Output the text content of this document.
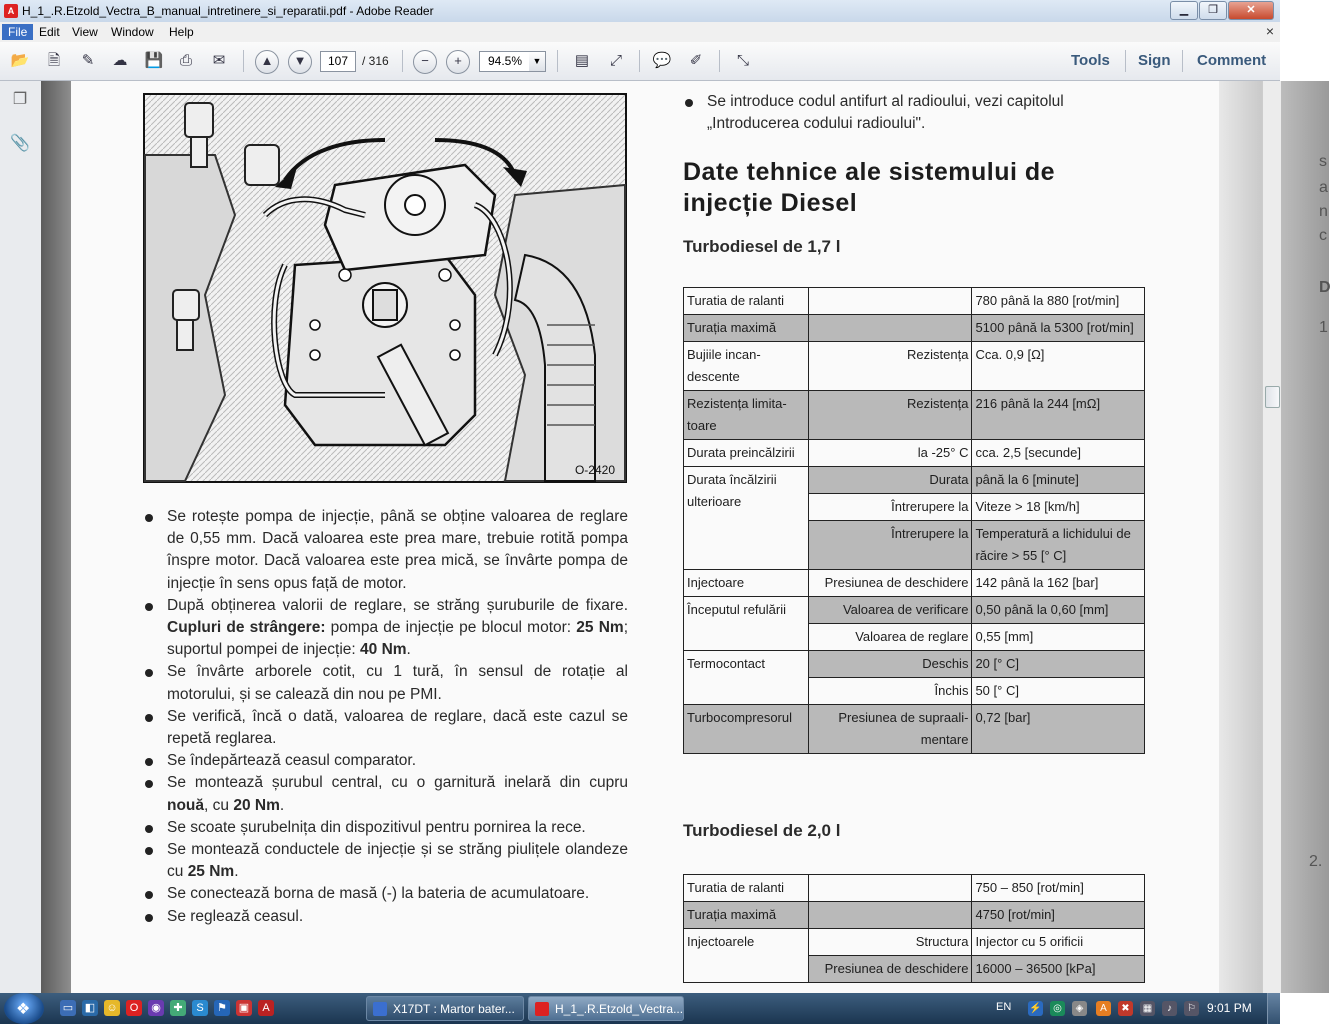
A H_1_.R.Etzold_Vectra_B_manual_intretinere_si_reparatii.pdf - Adobe Reader	▁	❐	✕
File Edit	View	Window	Help	×
📂	🗎	✎	☁	💾	⎙	✉	▲	▼	107	/ 316	−	+	94.5%	▼	▤	⤢	💬	✐	⤡	Tools Sign Comment
❐
📎
O-2420
Se rotește pompa de injecție, până se obține valoarea de reglare de 0,55 mm. Dacă valoarea este prea mare, trebuie rotită pompa înspre motor. Dacă valoarea este prea mică, se învârte pompa de injecție în sens opus față de motor.
După obținerea valorii de reglare, se străng șuruburile de fixare. Cupluri de strângere: pompa de injecție pe blocul motor: 25 Nm; suportul pompei de injecție: 40 Nm.
Se învârte arborele cotit, cu 1 tură, în sensul de rotație al motorului, și se calează din nou pe PMI.
Se verifică, încă o dată, valoarea de reglare, dacă este cazul se repetă reglarea.
Se îndepărtează ceasul comparator.
Se montează șurubul central, cu o garnitură inelară din cupru nouă, cu 20 Nm.
Se scoate șurubelnița din dispozitivul pentru pornirea la rece.
Se montează conductele de injecție și se străng piulițele olandeze cu 25 Nm.
Se conectează borna de masă (-) la bateria de acumulatoare.
Se reglează ceasul.
Se introduce codul antifurt al radioului, vezi capitolul „Introducerea codului radioului".
Date tehnice ale sistemului de injecție Diesel
Turbodiesel de 1,7 l
Turatia de ralanti		780 până la 880 [rot/min]
Turația maximă		5100 până la 5300 [rot/min]
Bujiile incan-descente	Rezistența	Cca. 0,9 [Ω]
Rezistența limita-toare	Rezistența	216 până la 244 [mΩ]
Durata preincălzirii	la -25° C	cca. 2,5 [secunde]
Durata încălzirii ulterioare	Durata	până la 6 [minute]
	Întrerupere la	Viteze > 18 [km/h]
	Întrerupere la	Temperatură a lichidului de răcire > 55 [° C]
Injectoare	Presiunea de deschidere	142 până la 162 [bar]
Începutul refulării	Valoarea de verificare	0,50 până la 0,60 [mm]
	Valoarea de reglare	0,55 [mm]
Termocontact	Deschis	20 [° C]
	Închis	50 [° C]
Turbocompresorul	Presiunea de supraali-mentare	0,72 [bar]
Turbodiesel de 2,0 l
Turatia de ralanti		750 – 850 [rot/min]
Turația maximă		4750 [rot/min]
Injectoarele	Structura	Injector cu 5 orificii
	Presiunea de deschidere	16000 – 36500 [kPa]
s
a
n
c
D
1
2.
❖	▭ ◧ ☺	O	◉	✚	S	⚑ ▣	A	X17DT : Martor bater...	H_1_.R.Etzold_Vectra...	EN ⚡	◎	◈	A	✖	▦	♪	⚐ 9:01 PM
